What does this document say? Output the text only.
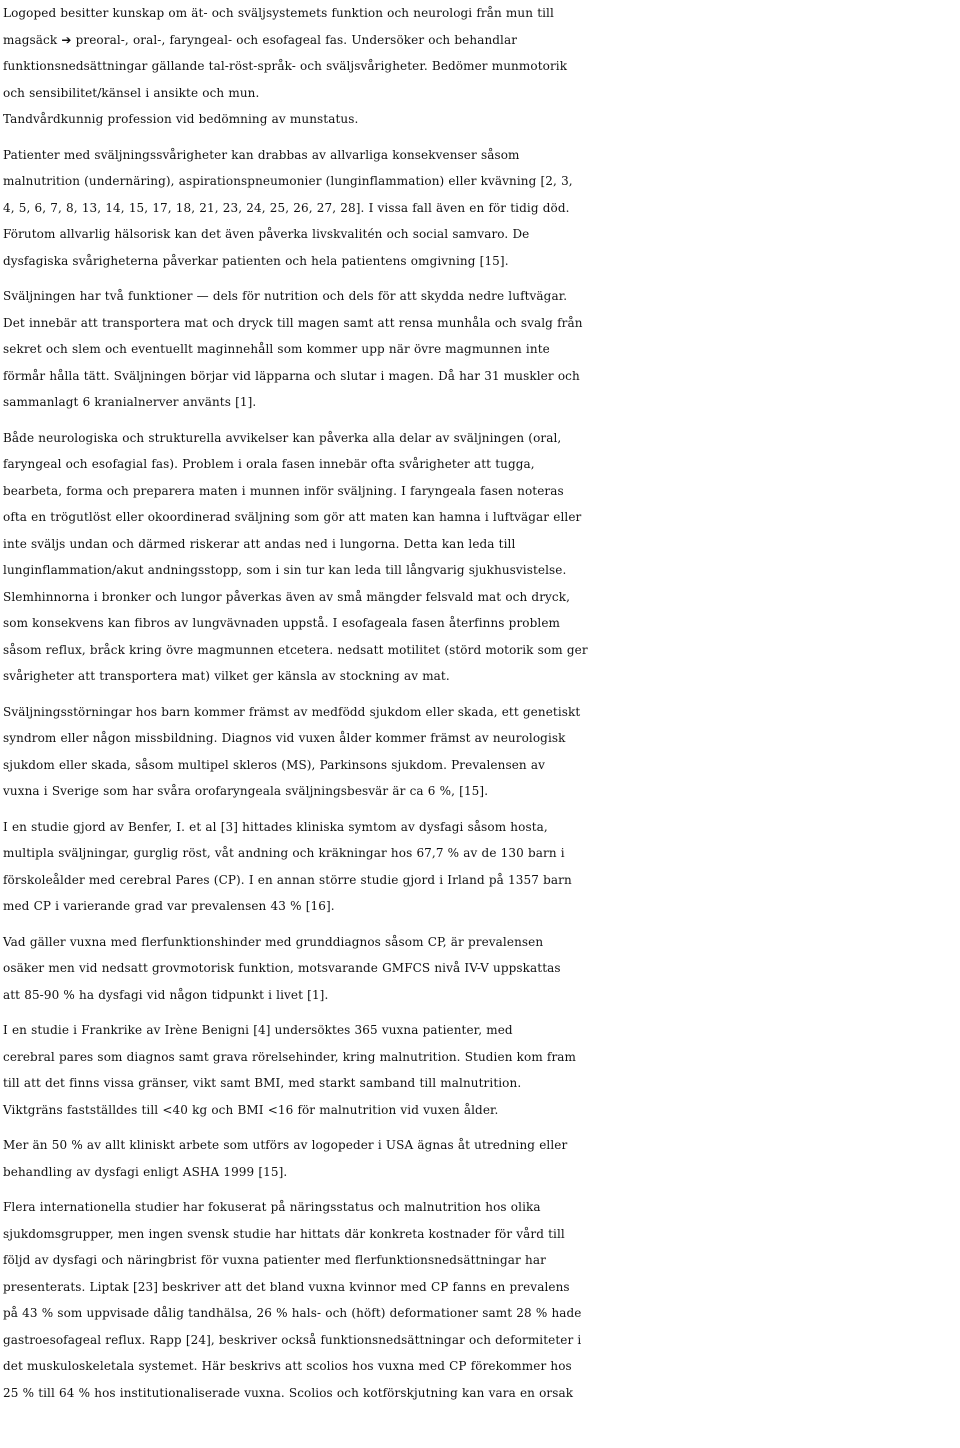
Logoped besitter kunskap om ät- och sväljsystemets funktion och neurologi från mun till
magsäck ➔ preoral-, oral-, faryngeal- och esofageal fas. Undersöker och behandlar
funktionsnedsättningar gällande tal-röst-språk- och sväljsvårigheter. Bedömer munmotorik
och sensibilitet/känsel i ansikte och mun.
Tandvårdkunnig profession vid bedömning av munstatus.
Patienter med sväljningssvårigheter kan drabbas av allvarliga konsekvenser såsom
malnutrition (undernäring), aspirationspneumonier (lunginflammation) eller kvävning [2, 3,
4, 5, 6, 7, 8, 13, 14, 15, 17, 18, 21, 23, 24, 25, 26, 27, 28]. I vissa fall även en för tidig död.
Förutom allvarlig hälsorisk kan det även påverka livskvalitén och social samvaro. De
dysfagiska svårigheterna påverkar patienten och hela patientens omgivning [15].
Sväljningen har två funktioner — dels för nutrition och dels för att skydda nedre luftvägar.
Det innebär att transportera mat och dryck till magen samt att rensa munhåla och svalg från
sekret och slem och eventuellt maginnehåll som kommer upp när övre magmunnen inte
förmår hålla tätt. Sväljningen börjar vid läpparna och slutar i magen. Då har 31 muskler och
sammanlagt 6 kranialnerver använts [1].
Både neurologiska och strukturella avvikelser kan påverka alla delar av sväljningen (oral,
faryngeal och esofagial fas). Problem i orala fasen innebär ofta svårigheter att tugga,
bearbeta, forma och preparera maten i munnen inför sväljning. I faryngeala fasen noteras
ofta en trögutlöst eller okoordinerad sväljning som gör att maten kan hamna i luftvägar eller
inte sväljs undan och därmed riskerar att andas ned i lungorna. Detta kan leda till
lunginflammation/akut andningsstopp, som i sin tur kan leda till långvarig sjukhusvistelse.
Slemhinnorna i bronker och lungor påverkas även av små mängder felsvald mat och dryck,
som konsekvens kan fibros av lungvävnaden uppstå. I esofageala fasen återfinns problem
såsom reflux, bråck kring övre magmunnen etcetera. nedsatt motilitet (störd motorik som ger
svårigheter att transportera mat) vilket ger känsla av stockning av mat.
Sväljningsstörningar hos barn kommer främst av medfödd sjukdom eller skada, ett genetiskt
syndrom eller någon missbildning. Diagnos vid vuxen ålder kommer främst av neurologisk
sjukdom eller skada, såsom multipel skleros (MS), Parkinsons sjukdom. Prevalensen av
vuxna i Sverige som har svåra orofaryngeala sväljningsbesvär är ca 6 %, [15].
I en studie gjord av Benfer, I. et al [3] hittades kliniska symtom av dysfagi såsom hosta,
multipla sväljningar, gurglig röst, våt andning och kräkningar hos 67,7 % av de 130 barn i
förskoleålder med cerebral Pares (CP). I en annan större studie gjord i Irland på 1357 barn
med CP i varierande grad var prevalensen 43 % [16].
Vad gäller vuxna med flerfunktionshinder med grunddiagnos såsom CP, är prevalensen
osäker men vid nedsatt grovmotorisk funktion, motsvarande GMFCS nivå IV-V uppskattas
att 85-90 % ha dysfagi vid någon tidpunkt i livet [1].
I en studie i Frankrike av Irène Benigni [4] undersöktes 365 vuxna patienter, med
cerebral pares som diagnos samt grava rörelsehinder, kring malnutrition. Studien kom fram
till att det finns vissa gränser, vikt samt BMI, med starkt samband till malnutrition.
Viktgräns fastställdes till <40 kg och BMI <16 för malnutrition vid vuxen ålder.
Mer än 50 % av allt kliniskt arbete som utförs av logopeder i USA ägnas åt utredning eller
behandling av dysfagi enligt ASHA 1999 [15].
Flera internationella studier har fokuserat på näringsstatus och malnutrition hos olika
sjukdomsgrupper, men ingen svensk studie har hittats där konkreta kostnader för vård till
följd av dysfagi och näringbrist för vuxna patienter med flerfunktionsnedsättningar har
presenterats. Liptak [23] beskriver att det bland vuxna kvinnor med CP fanns en prevalens
på 43 % som uppvisade dålig tandhälsa, 26 % hals- och (höft) deformationer samt 28 % hade
gastroesofageal reflux. Rapp [24], beskriver också funktionsnedsättningar och deformiteter i
det muskuloskeletala systemet. Här beskrivs att scolios hos vuxna med CP förekommer hos
25 % till 64 % hos institutionaliserade vuxna. Scolios och kotförskjutning kan vara en orsak
